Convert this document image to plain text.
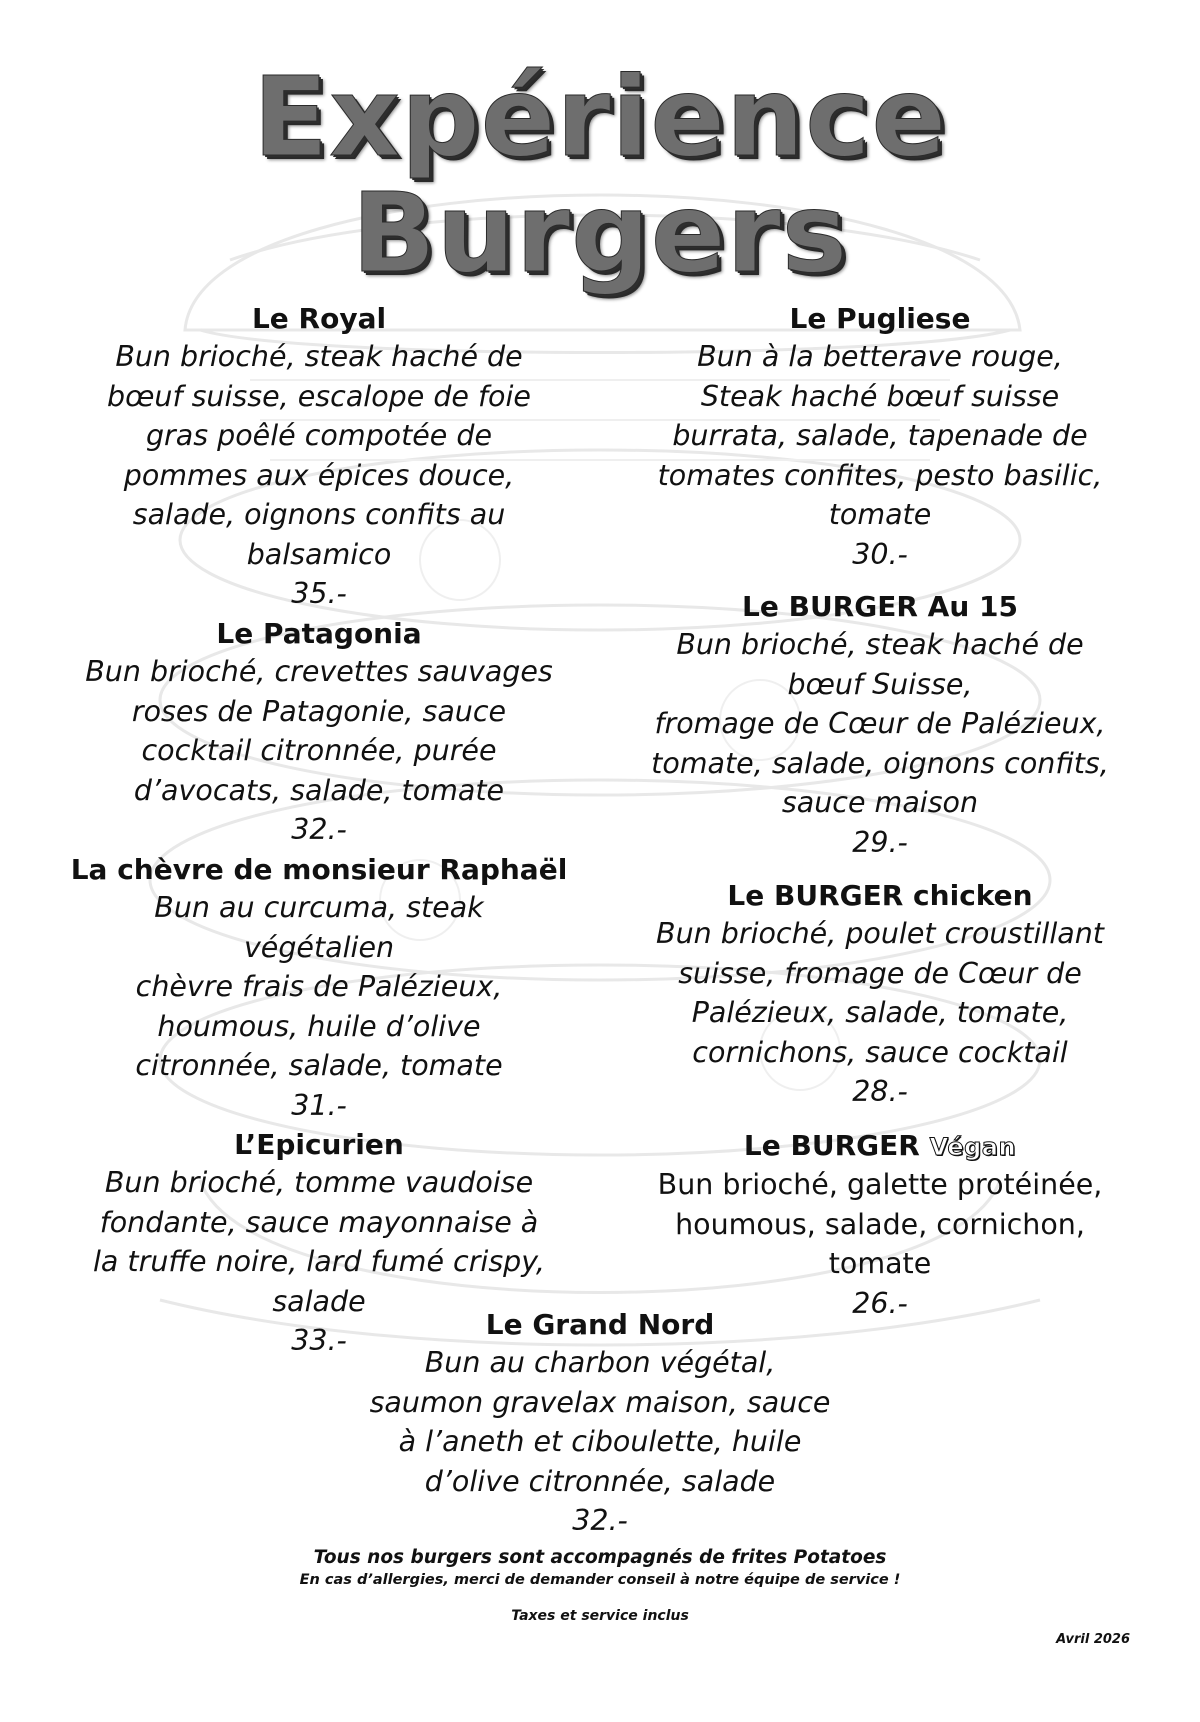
Expérience
Burgers
Le Royal
Bun brioché, steak haché de
bœuf suisse, escalope de foie
gras poêlé compotée de
pommes aux épices douce,
salade, oignons confits au
balsamico
35.-
Le Patagonia
Bun brioché, crevettes sauvages
roses de Patagonie, sauce
cocktail citronnée, purée
d’avocats, salade, tomate
32.-
La chèvre de monsieur Raphaël
Bun au curcuma, steak
végétalien
chèvre frais de Palézieux,
houmous, huile d’olive
citronnée, salade, tomate
31.-
L’Epicurien
Bun brioché, tomme vaudoise
fondante, sauce mayonnaise à
la truffe noire, lard fumé crispy,
salade
33.-
Le Pugliese
Bun à la betterave rouge,
Steak haché bœuf suisse
burrata, salade, tapenade de
tomates confites, pesto basilic,
tomate
30.-
Le BURGER Au 15
Bun brioché, steak haché de
bœuf Suisse,
fromage de Cœur de Palézieux,
tomate, salade, oignons confits,
sauce maison
29.-
Le BURGER chicken
Bun brioché, poulet croustillant
suisse, fromage de Cœur de
Palézieux, salade, tomate,
cornichons, sauce cocktail
28.-
Le BURGER Végan
Bun brioché, galette protéinée,
houmous, salade, cornichon,
tomate
26.-
Le Grand Nord
Bun au charbon végétal,
saumon gravelax maison, sauce
à l’aneth et ciboulette, huile
d’olive citronnée, salade
32.-
Tous nos burgers sont accompagnés de frites Potatoes
En cas d’allergies, merci de demander conseil à notre équipe de service !
Taxes et service inclus
Avril 2026
